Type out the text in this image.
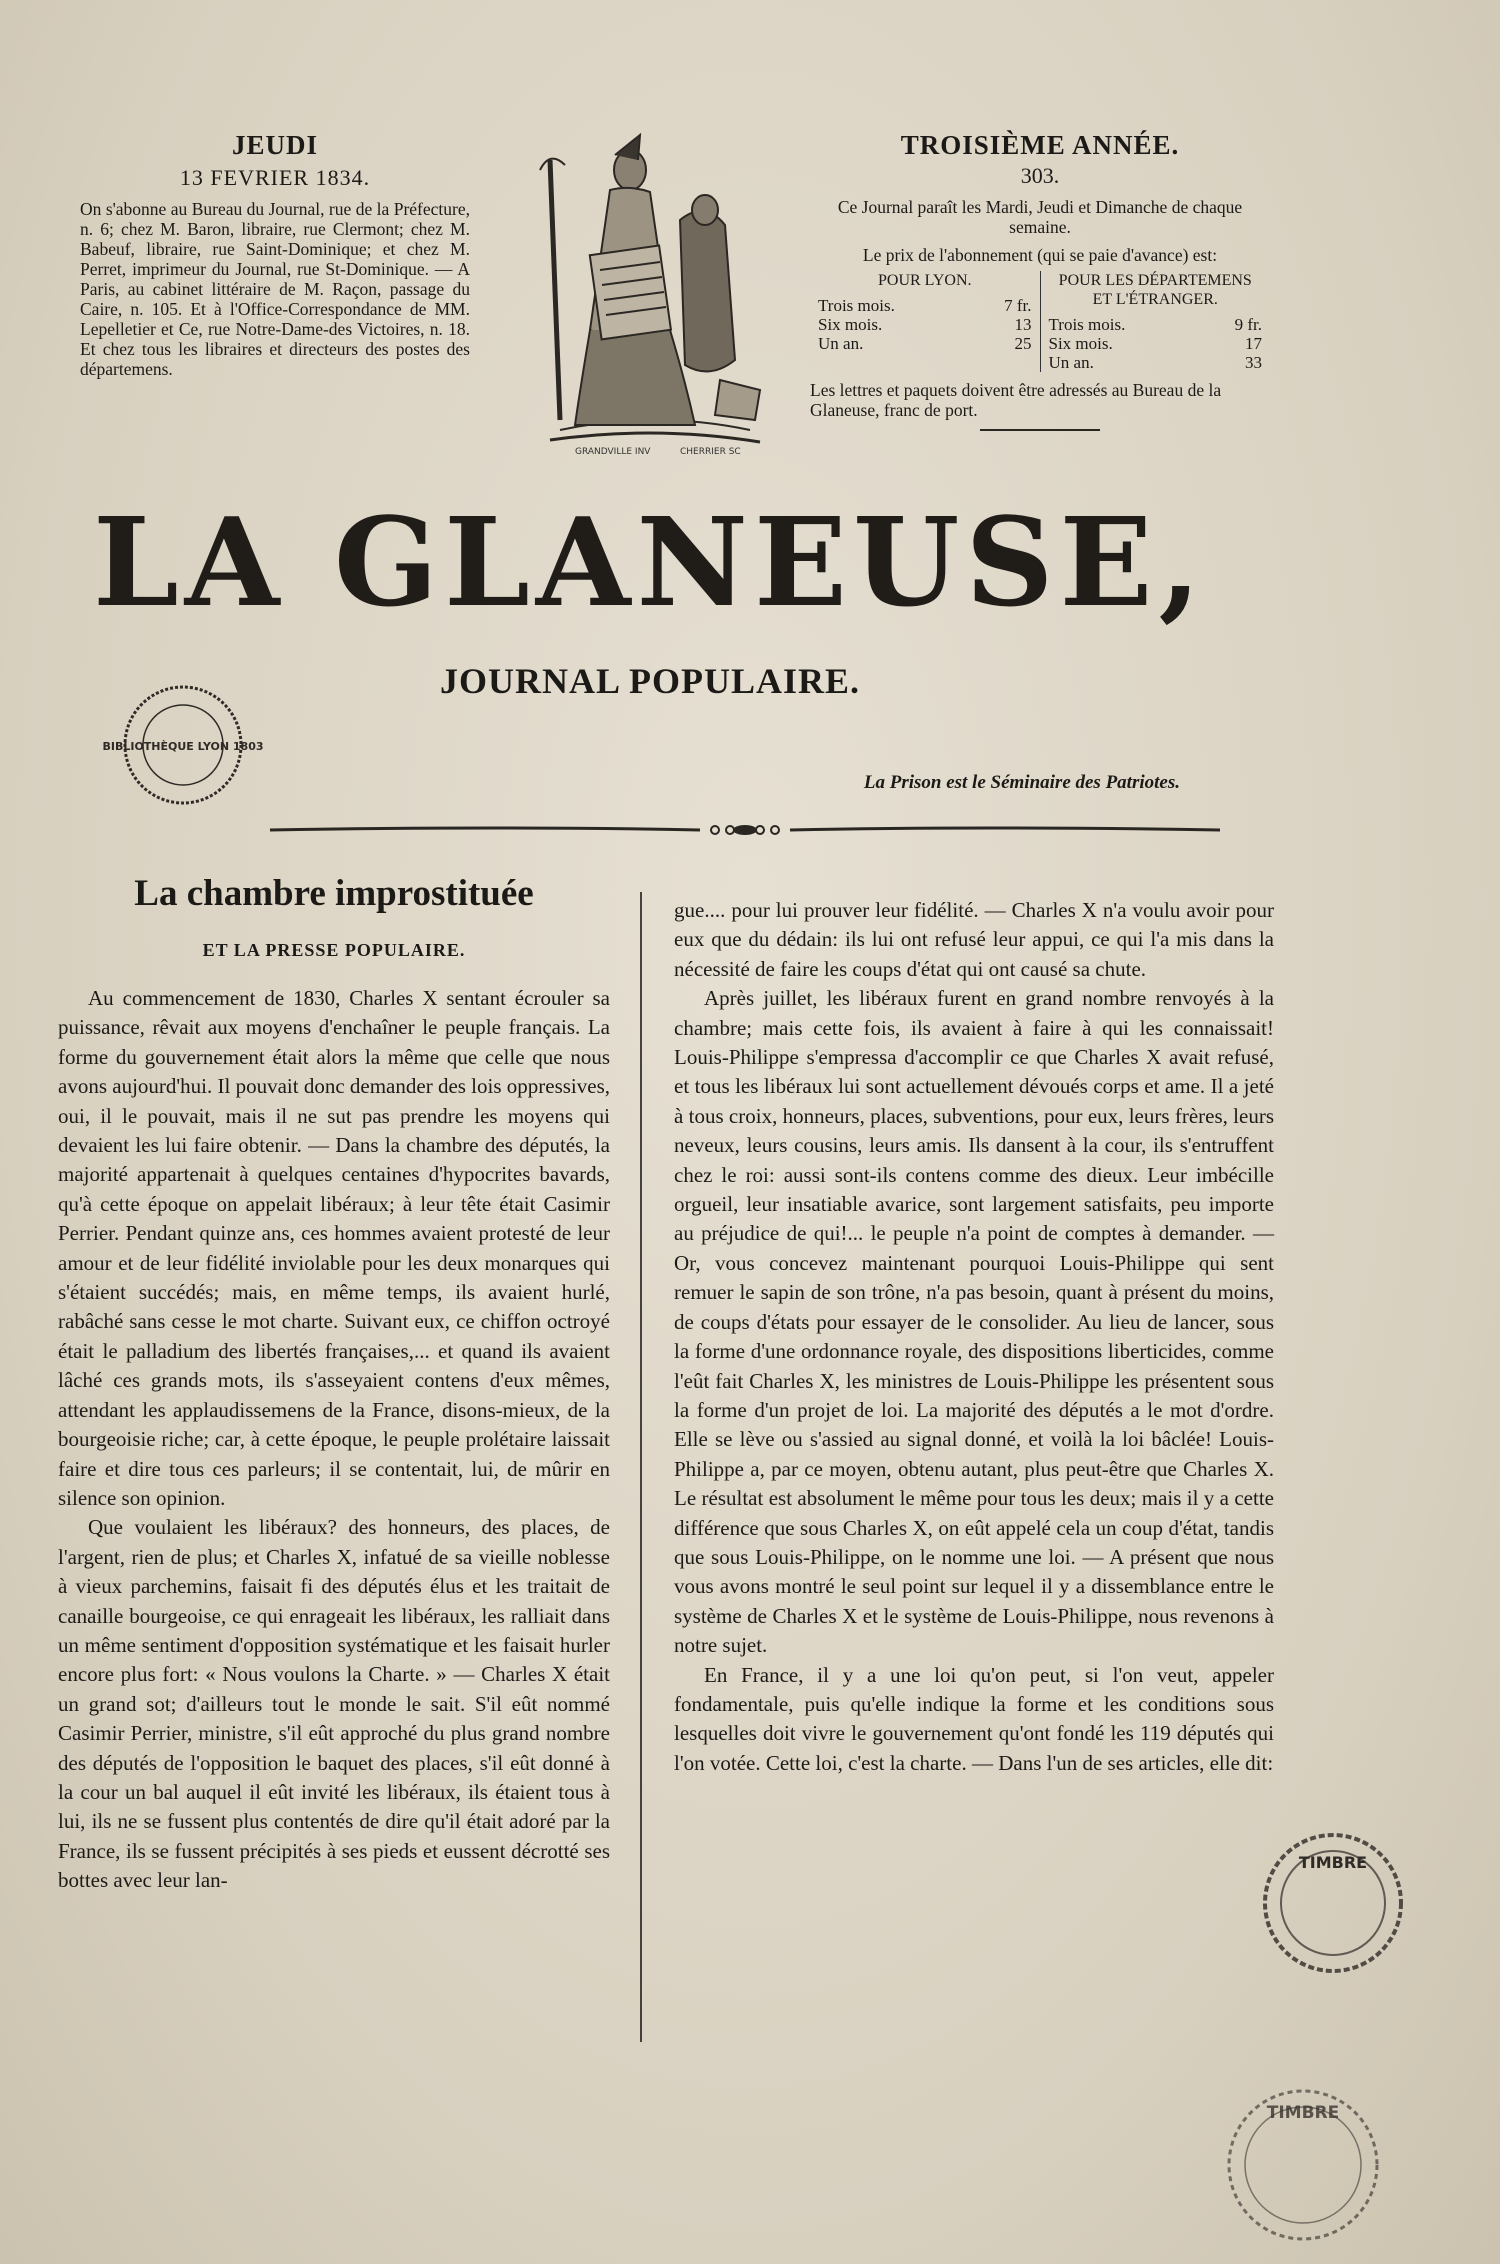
JEUDI
13 FEVRIER 1834.
On s'abonne au Bureau du Journal, rue de la Préfecture, n. 6; chez M. Baron, libraire, rue Clermont; chez M. Babeuf, libraire, rue Saint-Dominique; et chez M. Perret, imprimeur du Journal, rue St-Dominique. — A Paris, au cabinet littéraire de M. Raçon, passage du Caire, n. 105. Et à l'Office-Correspondance de MM. Lepelletier et Ce, rue Notre-Dame-des Victoires, n. 18. Et chez tous les libraires et directeurs des postes des départemens.
GRANDVILLE INV	CHERRIER SC
TROISIÈME ANNÉE.
303.
Ce Journal paraît les Mardi, Jeudi et Dimanche de chaque semaine.
Le prix de l'abonnement (qui se paie d'avance) est:
POUR LYON.
Trois mois.	7 fr.
Six mois.	13
Un an.	25
POUR LES DÉPARTEMENS ET L'ÉTRANGER.
Trois mois.	9 fr.
Six mois.	17
Un an.	33
Les lettres et paquets doivent être adressés au Bureau de la Glaneuse, franc de port.
LA GLANEUSE,
JOURNAL POPULAIRE.
La Prison est le Séminaire des Patriotes.
BIBLIOTHÈQUE LYON 1803
La chambre improstituée
ET LA PRESSE POPULAIRE.

Au commencement de 1830, Charles X sentant écrouler sa puissance, rêvait aux moyens d'enchaîner le peuple français. La forme du gouvernement était alors la même que celle que nous avons aujourd'hui. Il pouvait donc demander des lois oppressives, oui, il le pouvait, mais il ne sut pas prendre les moyens qui devaient les lui faire obtenir. — Dans la chambre des députés, la majorité appartenait à quelques centaines d'hypocrites bavards, qu'à cette époque on appelait libéraux; à leur tête était Casimir Perrier. Pendant quinze ans, ces hommes avaient protesté de leur amour et de leur fidélité inviolable pour les deux monarques qui s'étaient succédés; mais, en même temps, ils avaient hurlé, rabâché sans cesse le mot charte. Suivant eux, ce chiffon octroyé était le palladium des libertés françaises,... et quand ils avaient lâché ces grands mots, ils s'asseyaient contens d'eux mêmes, attendant les applaudissemens de la France, disons-mieux, de la bourgeoisie riche; car, à cette époque, le peuple prolétaire laissait faire et dire tous ces parleurs; il se contentait, lui, de mûrir en silence son opinion.

Que voulaient les libéraux? des honneurs, des places, de l'argent, rien de plus; et Charles X, infatué de sa vieille noblesse à vieux parchemins, faisait fi des députés élus et les traitait de canaille bourgeoise, ce qui enrageait les libéraux, les ralliait dans un même sentiment d'opposition systématique et les faisait hurler encore plus fort: « Nous voulons la Charte. » — Charles X était un grand sot; d'ailleurs tout le monde le sait. S'il eût nommé Casimir Perrier, ministre, s'il eût approché du plus grand nombre des députés de l'opposition le baquet des places, s'il eût donné à la cour un bal auquel il eût invité les libéraux, ils étaient tous à lui, ils ne se fussent plus contentés de dire qu'il était adoré par la France, ils se fussent précipités à ses pieds et eussent décrotté ses bottes avec leur lan-

gue.... pour lui prouver leur fidélité. — Charles X n'a voulu avoir pour eux que du dédain: ils lui ont refusé leur appui, ce qui l'a mis dans la nécessité de faire les coups d'état qui ont causé sa chute.

Après juillet, les libéraux furent en grand nombre renvoyés à la chambre; mais cette fois, ils avaient à faire à qui les connaissait! Louis-Philippe s'empressa d'accomplir ce que Charles X avait refusé, et tous les libéraux lui sont actuellement dévoués corps et ame. Il a jeté à tous croix, honneurs, places, subventions, pour eux, leurs frères, leurs neveux, leurs cousins, leurs amis. Ils dansent à la cour, ils s'entruffent chez le roi: aussi sont-ils contens comme des dieux. Leur imbécille orgueil, leur insatiable avarice, sont largement satisfaits, peu importe au préjudice de qui!... le peuple n'a point de comptes à demander. — Or, vous concevez maintenant pourquoi Louis-Philippe qui sent remuer le sapin de son trône, n'a pas besoin, quant à présent du moins, de coups d'états pour essayer de le consolider. Au lieu de lancer, sous la forme d'une ordonnance royale, des dispositions liberticides, comme l'eût fait Charles X, les ministres de Louis-Philippe les présentent sous la forme d'un projet de loi. La majorité des députés a le mot d'ordre. Elle se lève ou s'assied au signal donné, et voilà la loi bâclée! Louis-Philippe a, par ce moyen, obtenu autant, plus peut-être que Charles X. Le résultat est absolument le même pour tous les deux; mais il y a cette différence que sous Charles X, on eût appelé cela un coup d'état, tandis que sous Louis-Philippe, on le nomme une loi. — A présent que nous vous avons montré le seul point sur lequel il y a dissemblance entre le système de Charles X et le système de Louis-Philippe, nous revenons à notre sujet.

En France, il y a une loi qu'on peut, si l'on veut, appeler fondamentale, puis qu'elle indique la forme et les conditions sous lesquelles doit vivre le gouvernement qu'ont fondé les 119 députés qui l'on votée. Cette loi, c'est la charte. — Dans l'un de ses articles, elle dit:

TIMBRE
TIMBRE
